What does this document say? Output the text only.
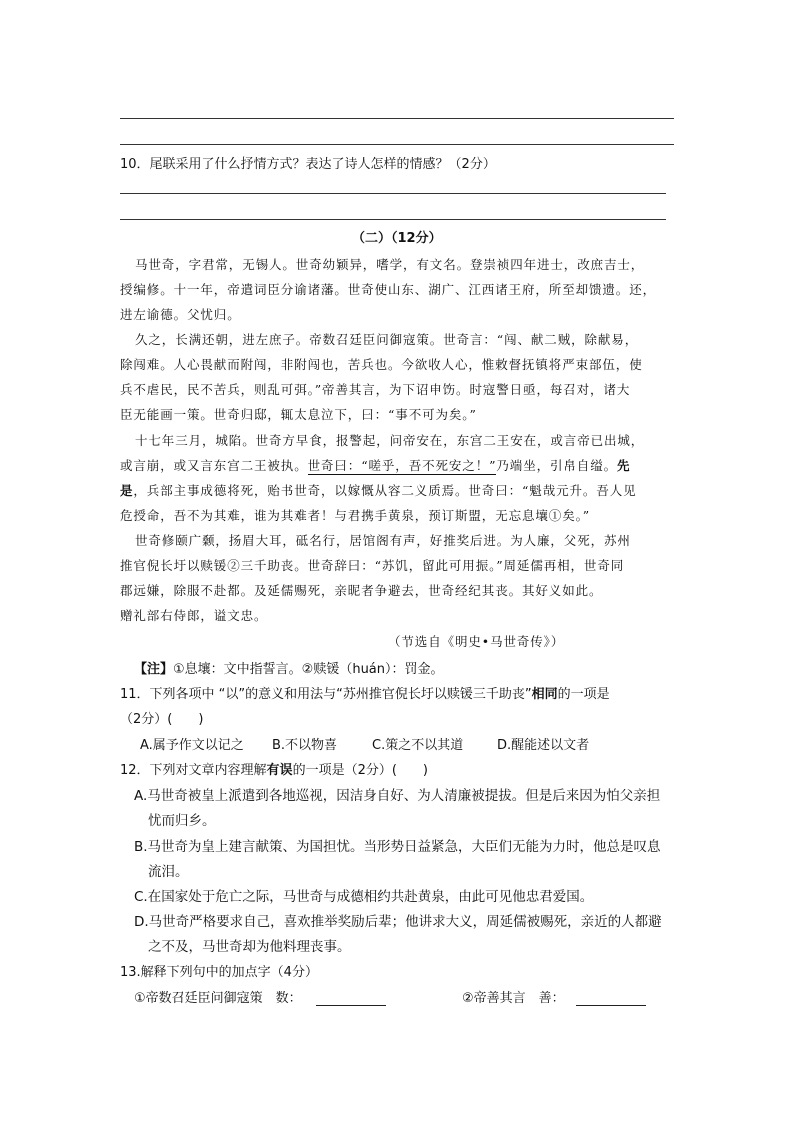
10．尾联采用了什么抒情方式？表达了诗人怎样的情感？（2分）
（二）（12分）
马世奇，字君常，无锡人。世奇幼颖异，嗜学，有文名。登崇祯四年进士，改庶吉士，
授编修。十一年，帝遣词臣分谕诸藩。世奇使山东、湖广、江西诸王府，所至却馈遗。还，
进左谕德。父忧归。
久之，长满还朝，进左庶子。帝数召廷臣问御寇策。世奇言：“闯、献二贼，除献易，
除闯难。人心畏献而附闯，非附闯也，苦兵也。今欲收人心，惟敕督抚镇将严束部伍，使
兵不虐民，民不苦兵，则乱可弭。”帝善其言，为下诏申饬。时寇警日亟，每召对，诸大
臣无能画一策。世奇归邸，辄太息泣下，曰：“事不可为矣。”
十七年三月，城陷。世奇方早食，报警起，问帝安在，东宫二王安在，或言帝已出城，
或言崩，或又言东宫二王被执。世奇曰：“嗟乎，吾不死安之！”乃端坐，引帛自缢。先
是，兵部主事成德将死，贻书世奇，以嫁慨从容二义质焉。世奇曰：“魁哉元升。吾人见
危授命，吾不为其难，谁为其难者！与君携手黄泉，预订斯盟，无忘息壤①矣。”
世奇修颐广颡，扬眉大耳，砥名行，居馆阁有声，好推奖后进。为人廉，父死，苏州
推官倪长圩以赎锾②三千助丧。世奇辞曰：“苏饥，留此可用振。”周延儒再相，世奇同
郡远嫌，除服不赴都。及延儒赐死，亲昵者争避去，世奇经纪其丧。其好义如此。
赠礼部右侍郎，谥文忠。
（节选自《明史•马世奇传》）
【注】①息壤：文中指誓言。②赎锾（huán）：罚金。
11．下列各项中 “以”的意义和用法与“苏州推官倪长圩以赎锾三千助丧”相同的一项是
（2分）(　　)
A.属予作文以记之 B.不以物喜	C.策之不以其道	D.醒能述以文者
12．下列对文章内容理解有误的一项是（2分）(　　)
A.马世奇被皇上派遣到各地巡视，因洁身自好、为人清廉被提拔。但是后来因为怕父亲担
忧而归乡。
B.马世奇为皇上建言献策、为国担忧。当形势日益紧急，大臣们无能为力时，他总是叹息
流泪。
C.在国家处于危亡之际，马世奇与成德相约共赴黄泉，由此可见他忠君爱国。
D.马世奇严格要求自己，喜欢推举奖励后辈；他讲求大义，周延儒被赐死，亲近的人都避
之不及，马世奇却为他料理丧事。
13.解释下列句中的加点字（4分）
①帝数召廷臣问御寇策　数：	②帝善其言　善：
